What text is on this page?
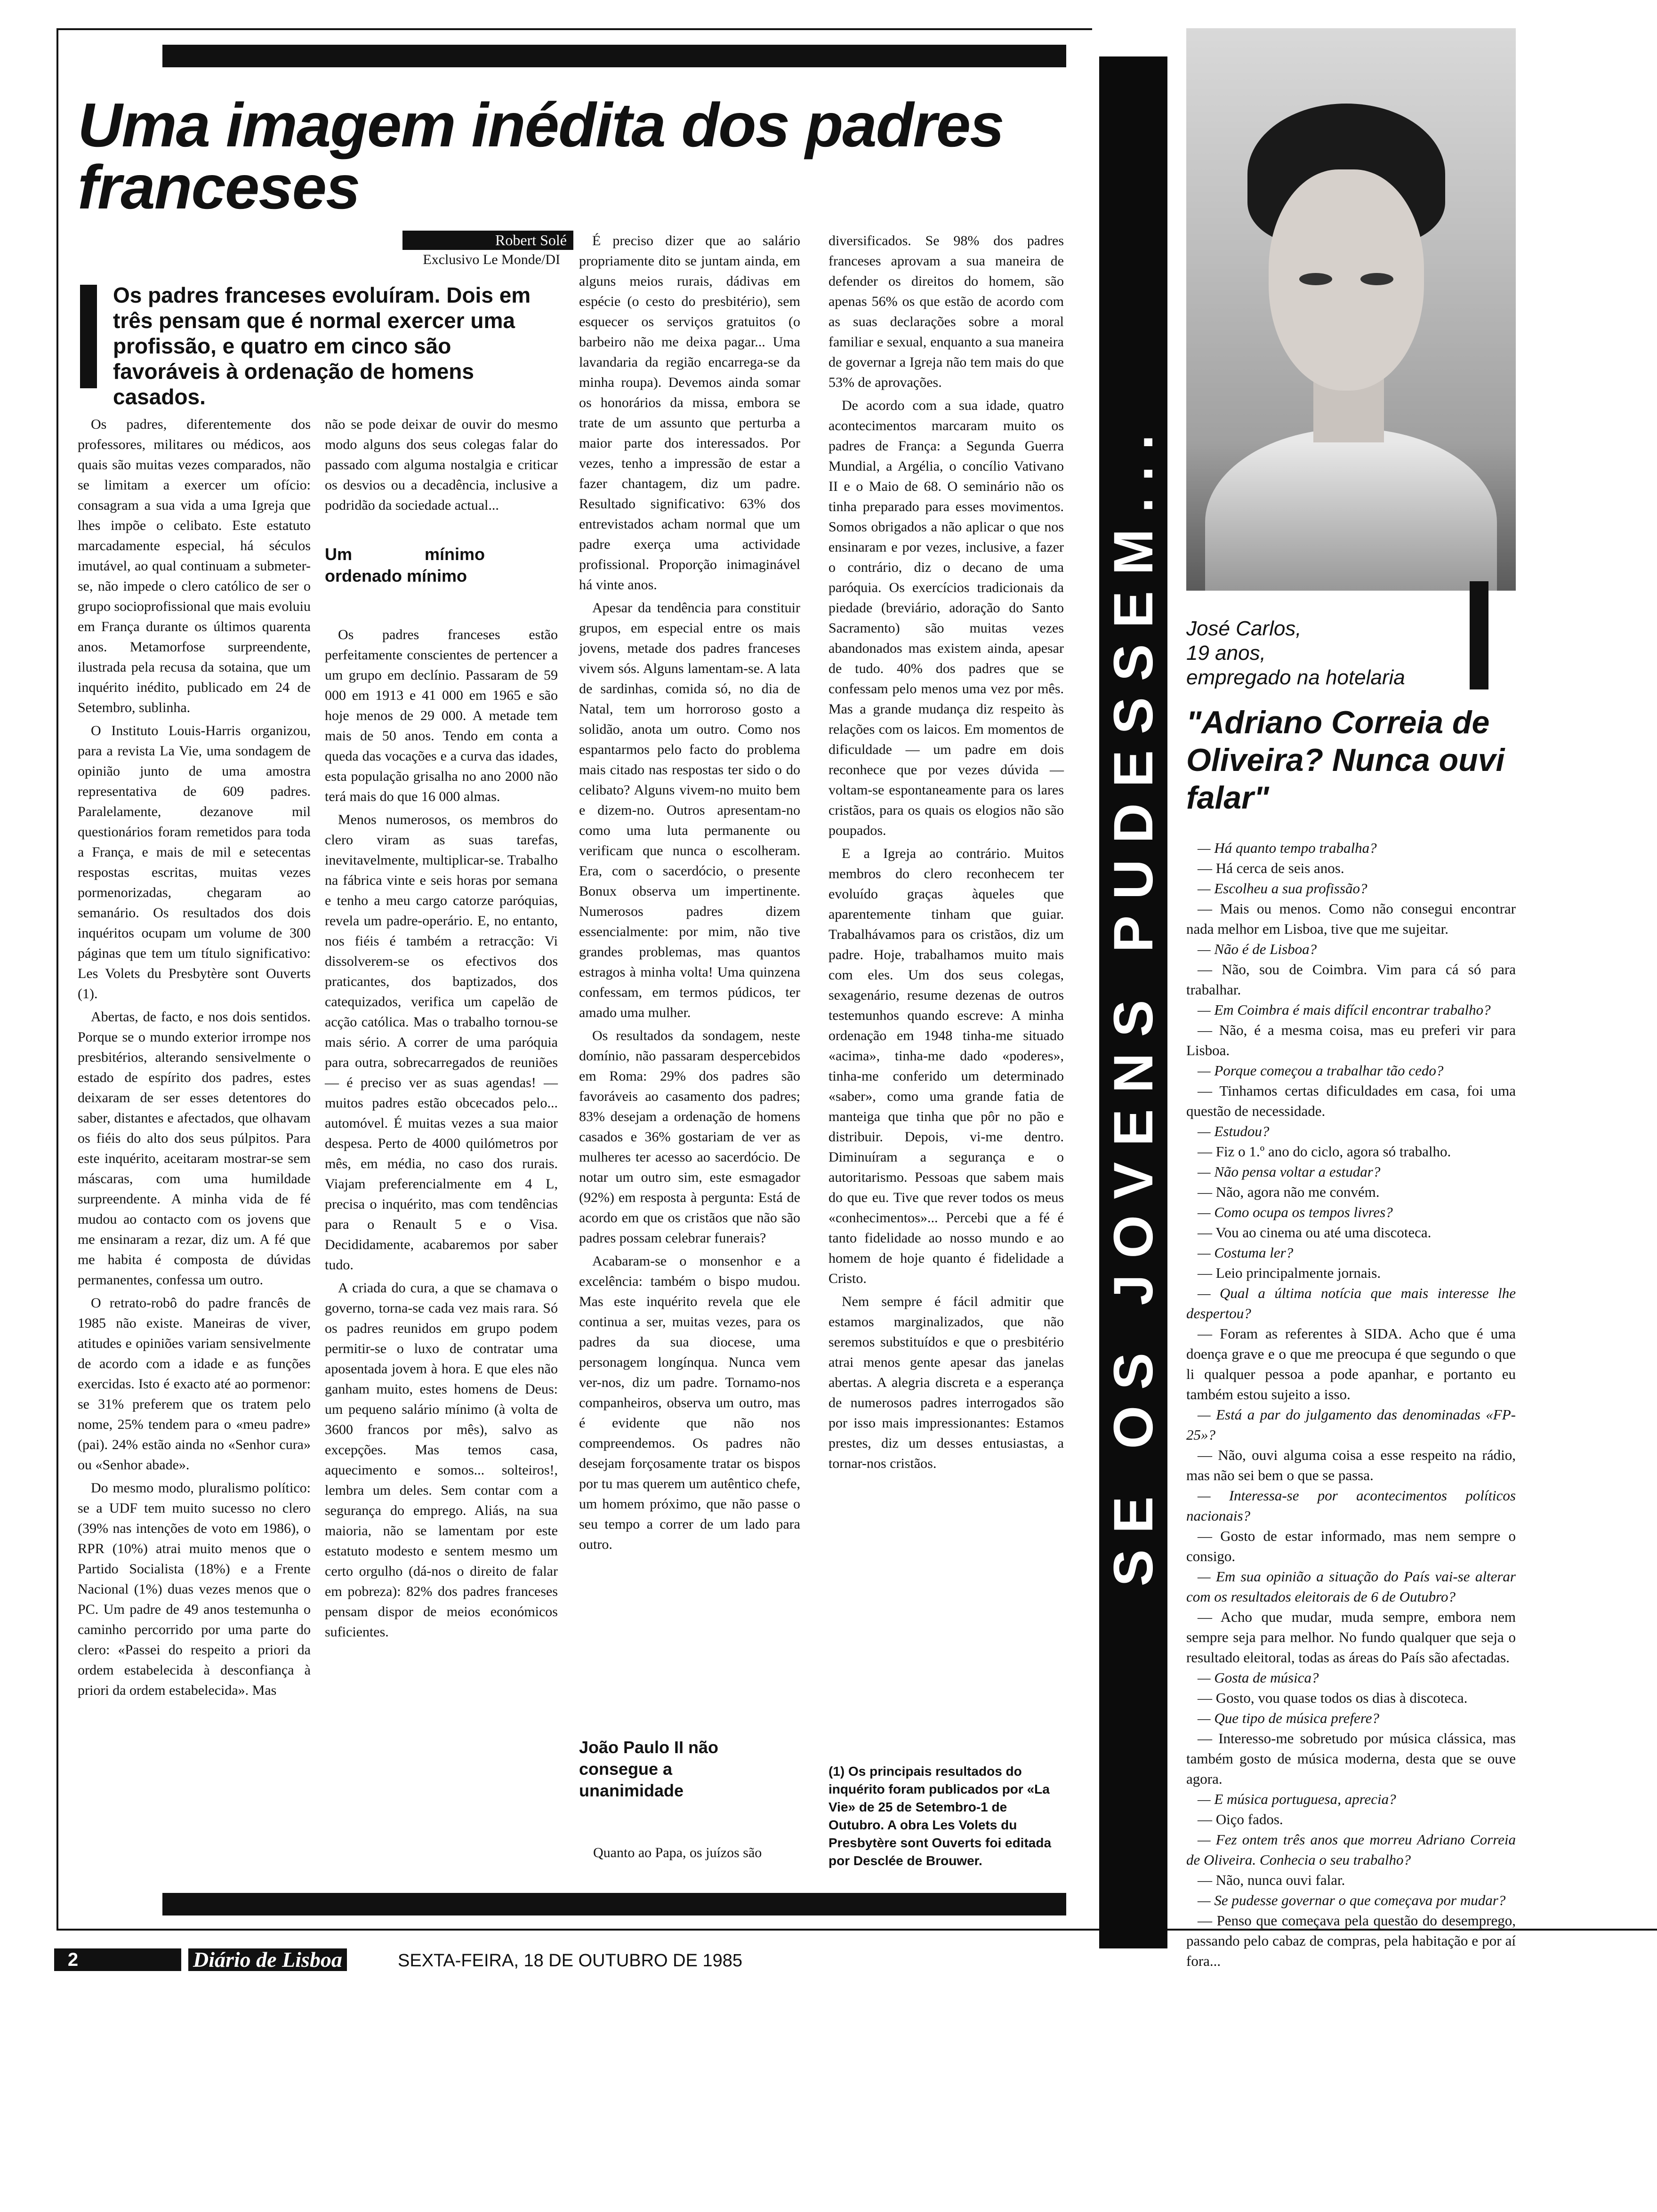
Uma imagem inédita dos padres franceses
Robert Solé
Exclusivo Le Monde/DI
Os padres franceses evoluíram. Dois em três pensam que é normal exercer uma profissão, e quatro em cinco são favoráveis à ordenação de homens casados.

Os padres, diferentemente dos professores, militares ou médicos, aos quais são muitas vezes comparados, não se limitam a exercer um ofício: consagram a sua vida a uma Igreja que lhes impõe o celibato. Este estatuto marcadamente especial, há séculos imutável, ao qual continuam a submeter-se, não impede o clero católico de ser o grupo socioprofissional que mais evoluiu em França durante os últimos quarenta anos. Metamorfose surpreendente, ilustrada pela recusa da sotaina, que um inquérito inédito, publicado em 24 de Setembro, sublinha.

O Instituto Louis-Harris organizou, para a revista La Vie, uma sondagem de opinião junto de uma amostra representativa de 609 padres. Paralelamente, dezanove mil questionários foram remetidos para toda a França, e mais de mil e setecentas respostas escritas, muitas vezes pormenorizadas, chegaram ao semanário. Os resultados dos dois inquéritos ocupam um volume de 300 páginas que tem um título significativo: Les Volets du Presbytère sont Ouverts (1).

Abertas, de facto, e nos dois sentidos. Porque se o mundo exterior irrompe nos presbitérios, alterando sensivelmente o estado de espírito dos padres, estes deixaram de ser esses detentores do saber, distantes e afectados, que olhavam os fiéis do alto dos seus púlpitos. Para este inquérito, aceitaram mostrar-se sem máscaras, com uma humildade surpreendente. A minha vida de fé mudou ao contacto com os jovens que me ensinaram a rezar, diz um. A fé que me habita é composta de dúvidas permanentes, confessa um outro.

O retrato-robô do padre francês de 1985 não existe. Maneiras de viver, atitudes e opiniões variam sensivelmente de acordo com a idade e as funções exercidas. Isto é exacto até ao pormenor: se 31% preferem que os tratem pelo nome, 25% tendem para o «meu padre» (pai). 24% estão ainda no «Senhor cura» ou «Senhor abade».

Do mesmo modo, pluralismo político: se a UDF tem muito sucesso no clero (39% nas intenções de voto em 1986), o RPR (10%) atrai muito menos que o Partido Socialista (18%) e a Frente Nacional (1%) duas vezes menos que o PC. Um padre de 49 anos testemunha o caminho percorrido por uma parte do clero: «Passei do respeito a priori da ordem estabelecida à desconfiança à priori da ordem estabelecida». Mas

não se pode deixar de ouvir do mesmo modo alguns dos seus colegas falar do passado com alguma nostalgia e criticar os desvios ou a decadência, inclusive a podridão da sociedade actual...

Um mínimo ordenado mínimo

Os padres franceses estão perfeitamente conscientes de pertencer a um grupo em declínio. Passaram de 59 000 em 1913 e 41 000 em 1965 e são hoje menos de 29 000. A metade tem mais de 50 anos. Tendo em conta a queda das vocações e a curva das idades, esta população grisalha no ano 2000 não terá mais do que 16 000 almas.

Menos numerosos, os membros do clero viram as suas tarefas, inevitavelmente, multiplicar-se. Trabalho na fábrica vinte e seis horas por semana e tenho a meu cargo catorze paróquias, revela um padre-operário. E, no entanto, nos fiéis é também a retracção: Vi dissolverem-se os efectivos dos praticantes, dos baptizados, dos catequizados, verifica um capelão de acção católica. Mas o trabalho tornou-se mais sério. A correr de uma paróquia para outra, sobrecarregados de reuniões — é preciso ver as suas agendas! — muitos padres estão obcecados pelo... automóvel. É muitas vezes a sua maior despesa. Perto de 4000 quilómetros por mês, em média, no caso dos rurais. Viajam preferencialmente em 4 L, precisa o inquérito, mas com tendências para o Renault 5 e o Visa. Decididamente, acabaremos por saber tudo.

A criada do cura, a que se chamava o governo, torna-se cada vez mais rara. Só os padres reunidos em grupo podem permitir-se o luxo de contratar uma aposentada jovem à hora. E que eles não ganham muito, estes homens de Deus: um pequeno salário mínimo (à volta de 3600 francos por mês), salvo as excepções. Mas temos casa, aquecimento e somos... solteiros!, lembra um deles. Sem contar com a segurança do emprego. Aliás, na sua maioria, não se lamentam por este estatuto modesto e sentem mesmo um certo orgulho (dá-nos o direito de falar em pobreza): 82% dos padres franceses pensam dispor de meios económicos suficientes.

É preciso dizer que ao salário propriamente dito se juntam ainda, em alguns meios rurais, dádivas em espécie (o cesto do presbitério), sem esquecer os serviços gratuitos (o barbeiro não me deixa pagar... Uma lavandaria da região encarrega-se da minha roupa). Devemos ainda somar os honorários da missa, embora se trate de um assunto que perturba a maior parte dos interessados. Por vezes, tenho a impressão de estar a fazer chantagem, diz um padre. Resultado significativo: 63% dos entrevistados acham normal que um padre exerça uma actividade profissional. Proporção inimaginável há vinte anos.

Apesar da tendência para constituir grupos, em especial entre os mais jovens, metade dos padres franceses vivem sós. Alguns lamentam-se. A lata de sardinhas, comida só, no dia de Natal, tem um horroroso gosto a solidão, anota um outro. Como nos espantarmos pelo facto do problema mais citado nas respostas ter sido o do celibato? Alguns vivem-no muito bem e dizem-no. Outros apresentam-no como uma luta permanente ou verificam que nunca o escolheram. Era, com o sacerdócio, o presente Bonux observa um impertinente. Numerosos padres dizem essencialmente: por mim, não tive grandes problemas, mas quantos estragos à minha volta! Uma quinzena confessam, em termos púdicos, ter amado uma mulher.

Os resultados da sondagem, neste domínio, não passaram despercebidos em Roma: 29% dos padres são favoráveis ao casamento dos padres; 83% desejam a ordenação de homens casados e 36% gostariam de ver as mulheres ter acesso ao sacerdócio. De notar um outro sim, este esmagador (92%) em resposta à pergunta: Está de acordo em que os cristãos que não são padres possam celebrar funerais?

Acabaram-se o monsenhor e a excelência: também o bispo mudou. Mas este inquérito revela que ele continua a ser, muitas vezes, para os padres da sua diocese, uma personagem longínqua. Nunca vem ver-nos, diz um padre. Tornamo-nos companheiros, observa um outro, mas é evidente que não nos compreendemos. Os padres não desejam forçosamente tratar os bispos por tu mas querem um autêntico chefe, um homem próximo, que não passe o seu tempo a correr de um lado para outro.

João Paulo II não consegue a unanimidade
Quanto ao Papa, os juízos são

diversificados. Se 98% dos padres franceses aprovam a sua maneira de defender os direitos do homem, são apenas 56% os que estão de acordo com as suas declarações sobre a moral familiar e sexual, enquanto a sua maneira de governar a Igreja não tem mais do que 53% de aprovações.

De acordo com a sua idade, quatro acontecimentos marcaram muito os padres de França: a Segunda Guerra Mundial, a Argélia, o concílio Vativano II e o Maio de 68. O seminário não os tinha preparado para esses movimentos. Somos obrigados a não aplicar o que nos ensinaram e por vezes, inclusive, a fazer o contrário, diz o decano de uma paróquia. Os exercícios tradicionais da piedade (breviário, adoração do Santo Sacramento) são muitas vezes abandonados mas existem ainda, apesar de tudo. 40% dos padres que se confessam pelo menos uma vez por mês. Mas a grande mudança diz respeito às relações com os laicos. Em momentos de dificuldade — um padre em dois reconhece que por vezes dúvida — voltam-se espontaneamente para os lares cristãos, para os quais os elogios não são poupados.

E a Igreja ao contrário. Muitos membros do clero reconhecem ter evoluído graças àqueles que aparentemente tinham que guiar. Trabalhávamos para os cristãos, diz um padre. Hoje, trabalhamos muito mais com eles. Um dos seus colegas, sexagenário, resume dezenas de outros testemunhos quando escreve: A minha ordenação em 1948 tinha-me situado «acima», tinha-me dado «poderes», tinha-me conferido um determinado «saber», como uma grande fatia de manteiga que tinha que pôr no pão e distribuir. Depois, vi-me dentro. Diminuíram a segurança e o autoritarismo. Pessoas que sabem mais do que eu. Tive que rever todos os meus «conhecimentos»... Percebi que a fé é tanto fidelidade ao nosso mundo e ao homem de hoje quanto é fidelidade a Cristo.

Nem sempre é fácil admitir que estamos marginalizados, que não seremos substituídos e que o presbitério atrai menos gente apesar das janelas abertas. A alegria discreta e a esperança de numerosos padres interrogados são por isso mais impressionantes: Estamos prestes, diz um desses entusiastas, a tornar-nos cristãos.

(1) Os principais resultados do inquérito foram publicados por «La Vie» de 25 de Setembro-1 de Outubro. A obra Les Volets du Presbytère sont Ouverts foi editada por Desclée de Brouwer.
SE OS JOVENS PUDESSEM... José Carlos,
19 anos,
empregado na hotelaria
"Adriano Correia de Oliveira? Nunca ouvi falar"

— Há quanto tempo trabalha?

— Há cerca de seis anos.

— Escolheu a sua profissão?

— Mais ou menos. Como não consegui encontrar nada melhor em Lisboa, tive que me sujeitar.

— Não é de Lisboa?

— Não, sou de Coimbra. Vim para cá só para trabalhar.

— Em Coimbra é mais difícil encontrar trabalho?

— Não, é a mesma coisa, mas eu preferi vir para Lisboa.

— Porque começou a trabalhar tão cedo?

— Tinhamos certas dificuldades em casa, foi uma questão de necessidade.

— Estudou?

— Fiz o 1.º ano do ciclo, agora só trabalho.

— Não pensa voltar a estudar?

— Não, agora não me convém.

— Como ocupa os tempos livres?

— Vou ao cinema ou até uma discoteca.

— Costuma ler?

— Leio principalmente jornais.

— Qual a última notícia que mais interesse lhe despertou?

— Foram as referentes à SIDA. Acho que é uma doença grave e o que me preocupa é que segundo o que li qualquer pessoa a pode apanhar, e portanto eu também estou sujeito a isso.

— Está a par do julgamento das denominadas «FP-25»?

— Não, ouvi alguma coisa a esse respeito na rádio, mas não sei bem o que se passa.

— Interessa-se por acontecimentos políticos nacionais?

— Gosto de estar informado, mas nem sempre o consigo.

— Em sua opinião a situação do País vai-se alterar com os resultados eleitorais de 6 de Outubro?

— Acho que mudar, muda sempre, embora nem sempre seja para melhor. No fundo qualquer que seja o resultado eleitoral, todas as áreas do País são afectadas.

— Gosta de música?

— Gosto, vou quase todos os dias à discoteca.

— Que tipo de música prefere?

— Interesso-me sobretudo por música clássica, mas também gosto de música moderna, desta que se ouve agora.

— E música portuguesa, aprecia?

— Oiço fados.

— Fez ontem três anos que morreu Adriano Correia de Oliveira. Conhecia o seu trabalho?

— Não, nunca ouvi falar.

— Se pudesse governar o que começava por mudar?

— Penso que começava pela questão do desemprego, passando pelo cabaz de compras, pela habitação e por aí fora...

2	Diário de Lisboa	SEXTA-FEIRA, 18 DE OUTUBRO DE 1985
